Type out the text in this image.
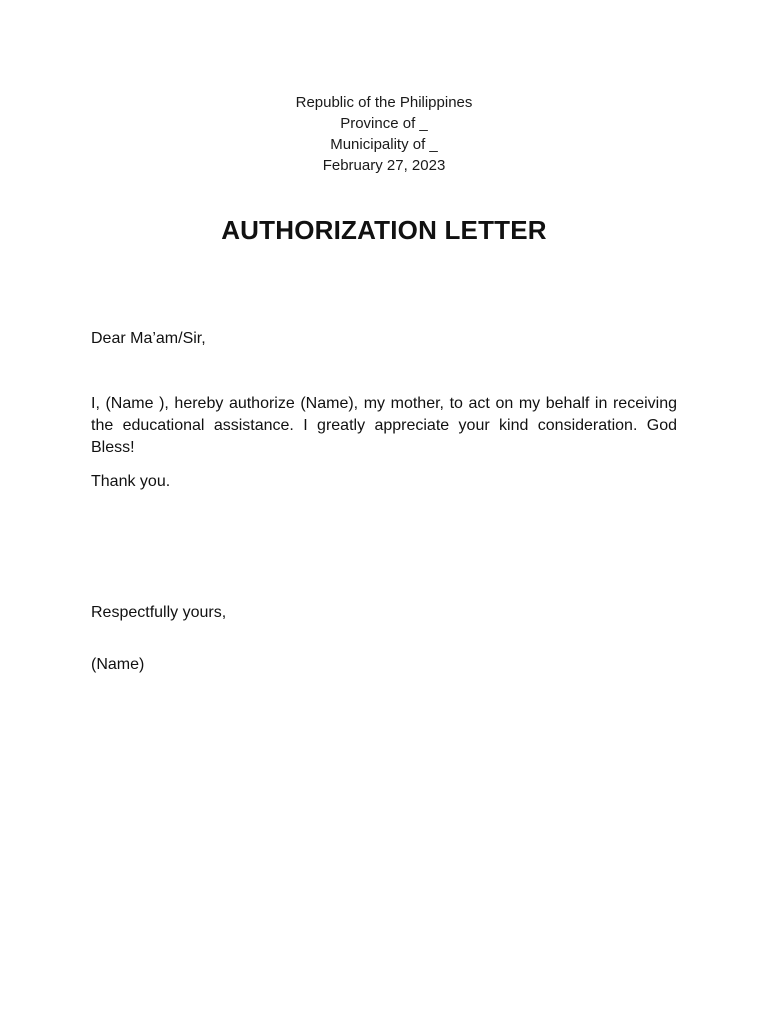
Republic of the Philippines
Province of _
Municipality of _
February 27, 2023
AUTHORIZATION LETTER
Dear Ma’am/Sir,
I, (Name ), hereby authorize (Name), my mother, to act on my behalf in receiving the educational assistance. I greatly appreciate your kind consideration. God Bless!
Thank you.
Respectfully yours,
(Name)
